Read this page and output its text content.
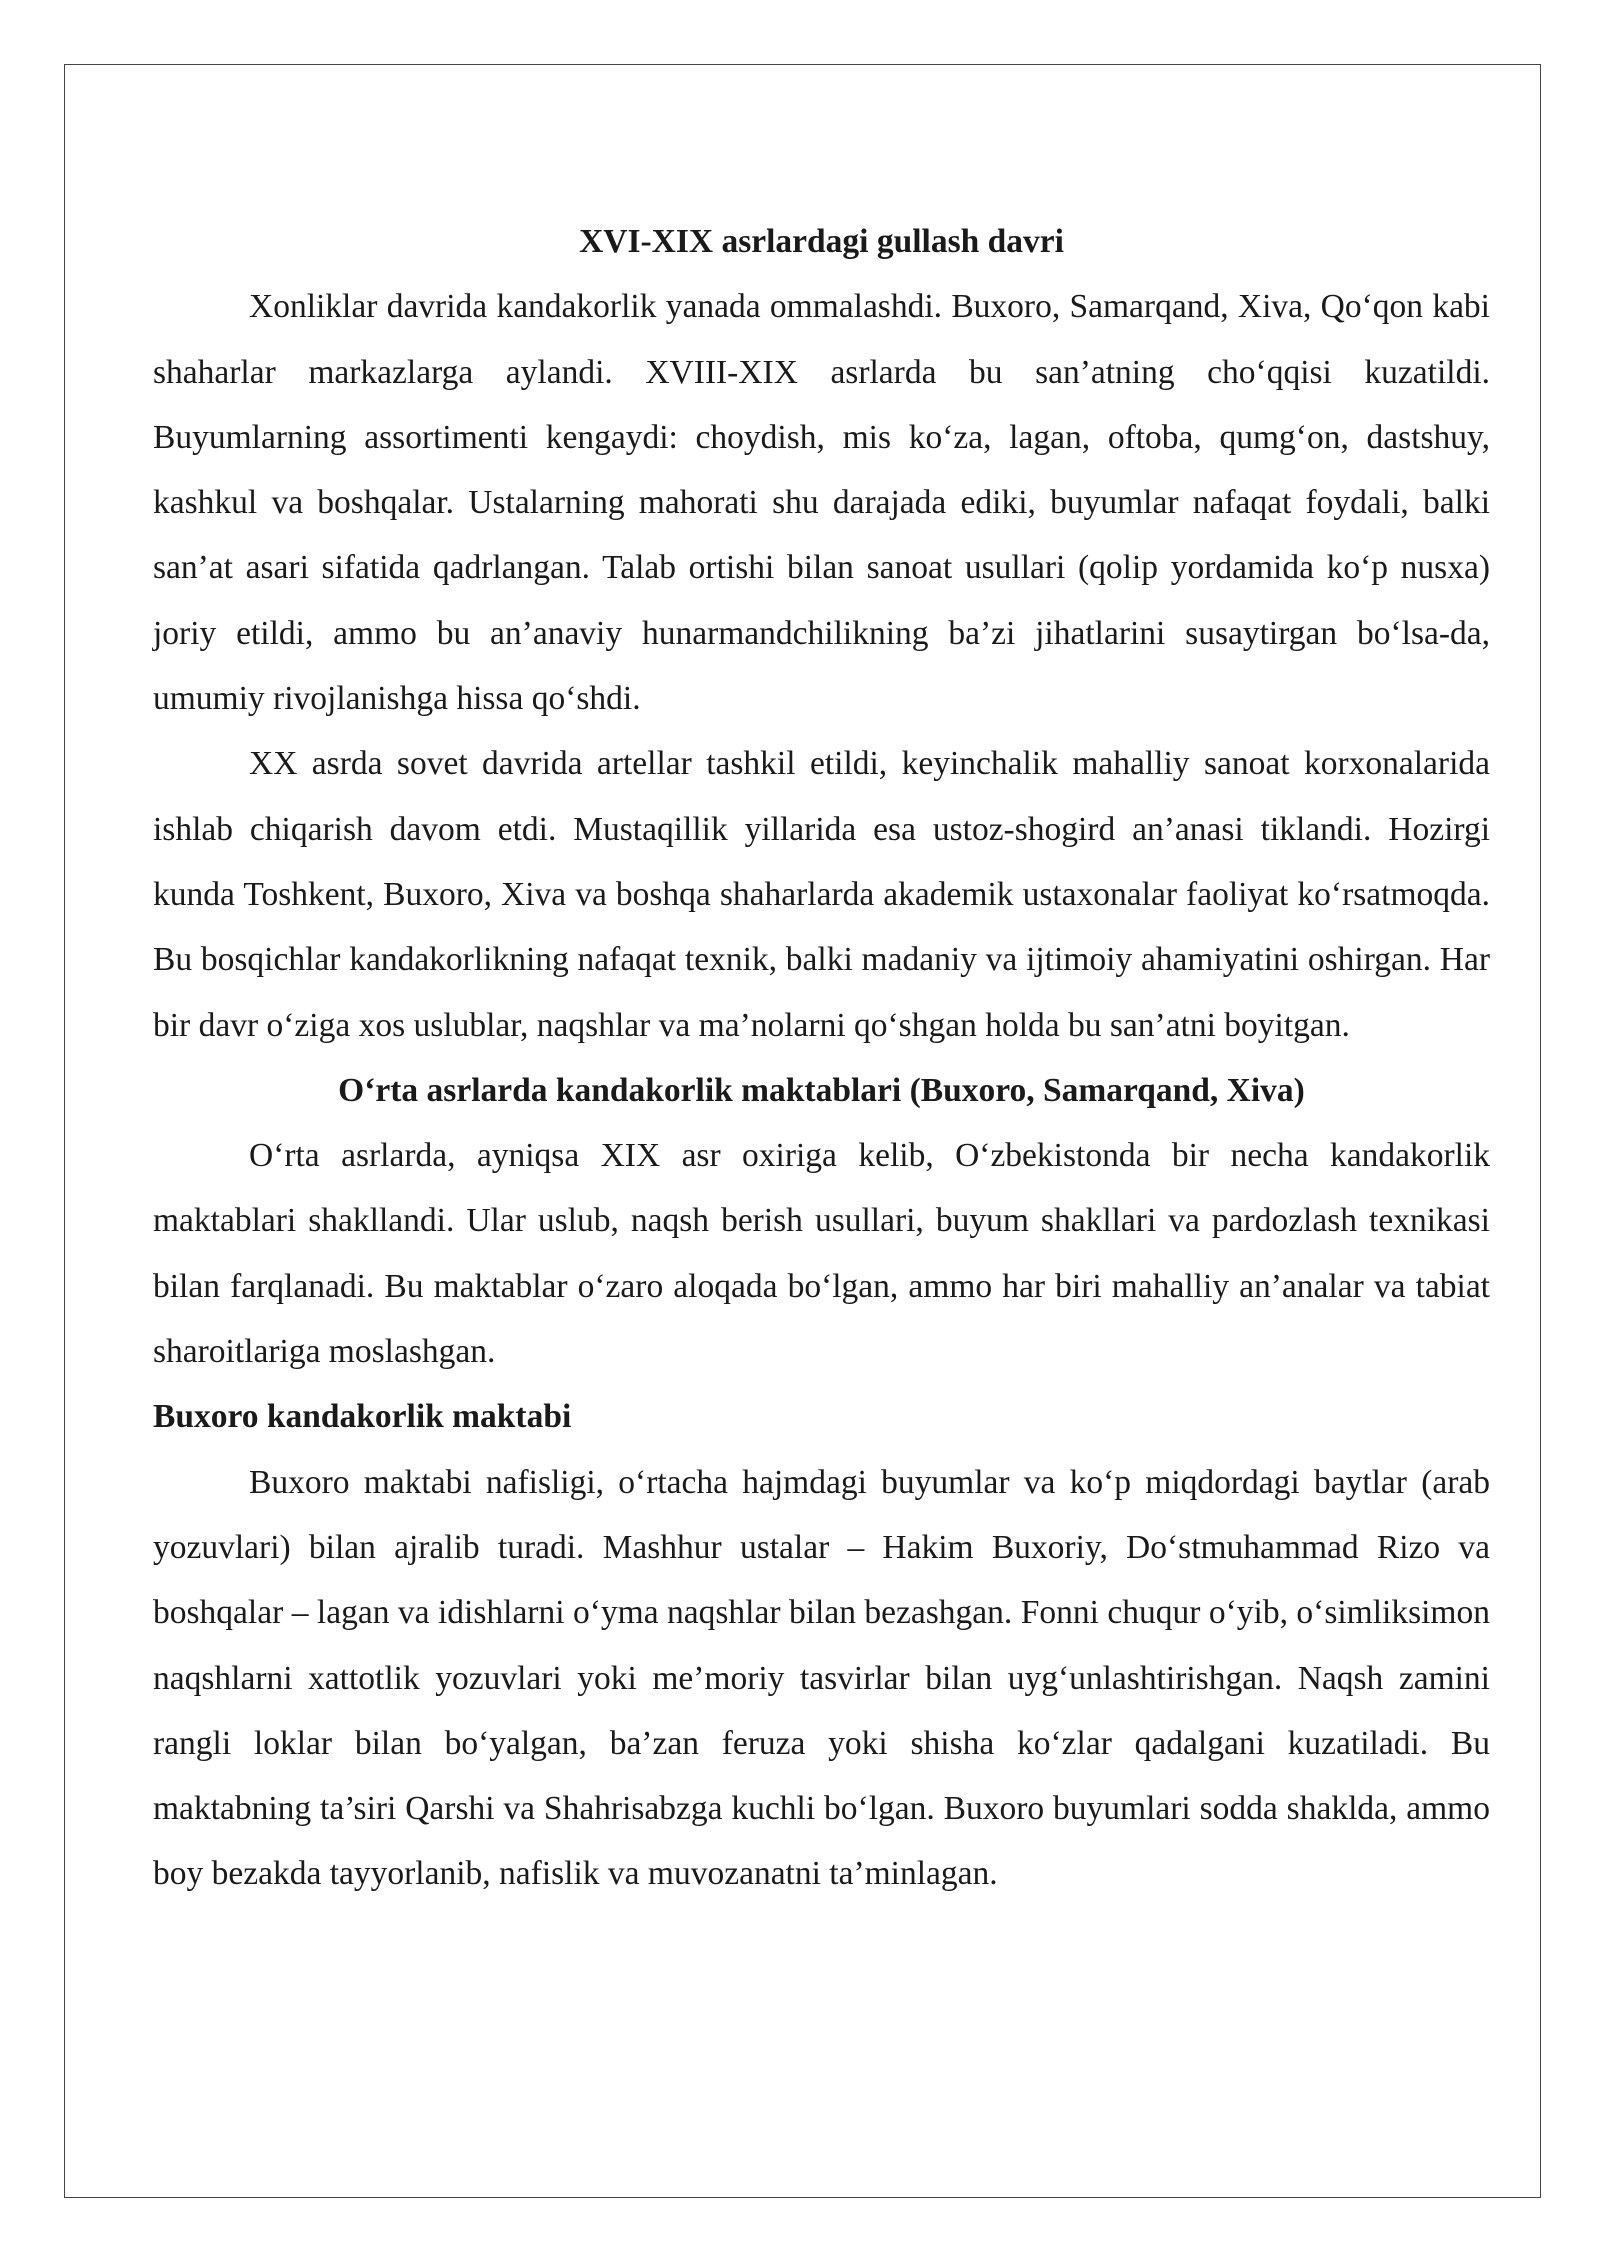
XVI-XIX asrlardagi gullash davri

Xonliklar davrida kandakorlik yanada ommalashdi. Buxoro, Samarqand, Xiva, Qo‘qon kabi shaharlar markazlarga aylandi. XVIII-XIX asrlarda bu san’atning cho‘qqisi kuzatildi. Buyumlarning assortimenti kengaydi: choydish, mis ko‘za, lagan, oftoba, qumg‘on, dastshuy, kashkul va boshqalar. Ustalarning mahorati shu darajada ediki, buyumlar nafaqat foydali, balki san’at asari sifatida qadrlangan. Talab ortishi bilan sanoat usullari (qolip yordamida ko‘p nusxa) joriy etildi, ammo bu an’anaviy hunarmandchilikning ba’zi jihatlarini susaytirgan bo‘lsa-da, umumiy rivojlanishga hissa qo‘shdi.

XX asrda sovet davrida artellar tashkil etildi, keyinchalik mahalliy sanoat korxonalarida ishlab chiqarish davom etdi. Mustaqillik yillarida esa ustoz-shogird an’anasi tiklandi. Hozirgi kunda Toshkent, Buxoro, Xiva va boshqa shaharlarda akademik ustaxonalar faoliyat ko‘rsatmoqda. Bu bosqichlar kandakorlikning nafaqat texnik, balki madaniy va ijtimoiy ahamiyatini oshirgan. Har bir davr o‘ziga xos uslublar, naqshlar va ma’nolarni qo‘shgan holda bu san’atni boyitgan.

O‘rta asrlarda kandakorlik maktablari (Buxoro, Samarqand, Xiva)

O‘rta asrlarda, ayniqsa XIX asr oxiriga kelib, O‘zbekistonda bir necha kandakorlik maktablari shakllandi. Ular uslub, naqsh berish usullari, buyum shakllari va pardozlash texnikasi bilan farqlanadi. Bu maktablar o‘zaro aloqada bo‘lgan, ammo har biri mahalliy an’analar va tabiat sharoitlariga moslashgan.

Buxoro kandakorlik maktabi

Buxoro maktabi nafisligi, o‘rtacha hajmdagi buyumlar va ko‘p miqdordagi baytlar (arab yozuvlari) bilan ajralib turadi. Mashhur ustalar – Hakim Buxoriy, Do‘stmuhammad Rizo va boshqalar – lagan va idishlarni o‘yma naqshlar bilan bezashgan. Fonni chuqur o‘yib, o‘simliksimon naqshlarni xattotlik yozuvlari yoki me’moriy tasvirlar bilan uyg‘unlashtirishgan. Naqsh zamini rangli loklar bilan bo‘yalgan, ba’zan feruza yoki shisha ko‘zlar qadalgani kuzatiladi. Bu maktabning ta’siri Qarshi va Shahrisabzga kuchli bo‘lgan. Buxoro buyumlari sodda shaklda, ammo boy bezakda tayyorlanib, nafislik va muvozanatni ta’minlagan.
